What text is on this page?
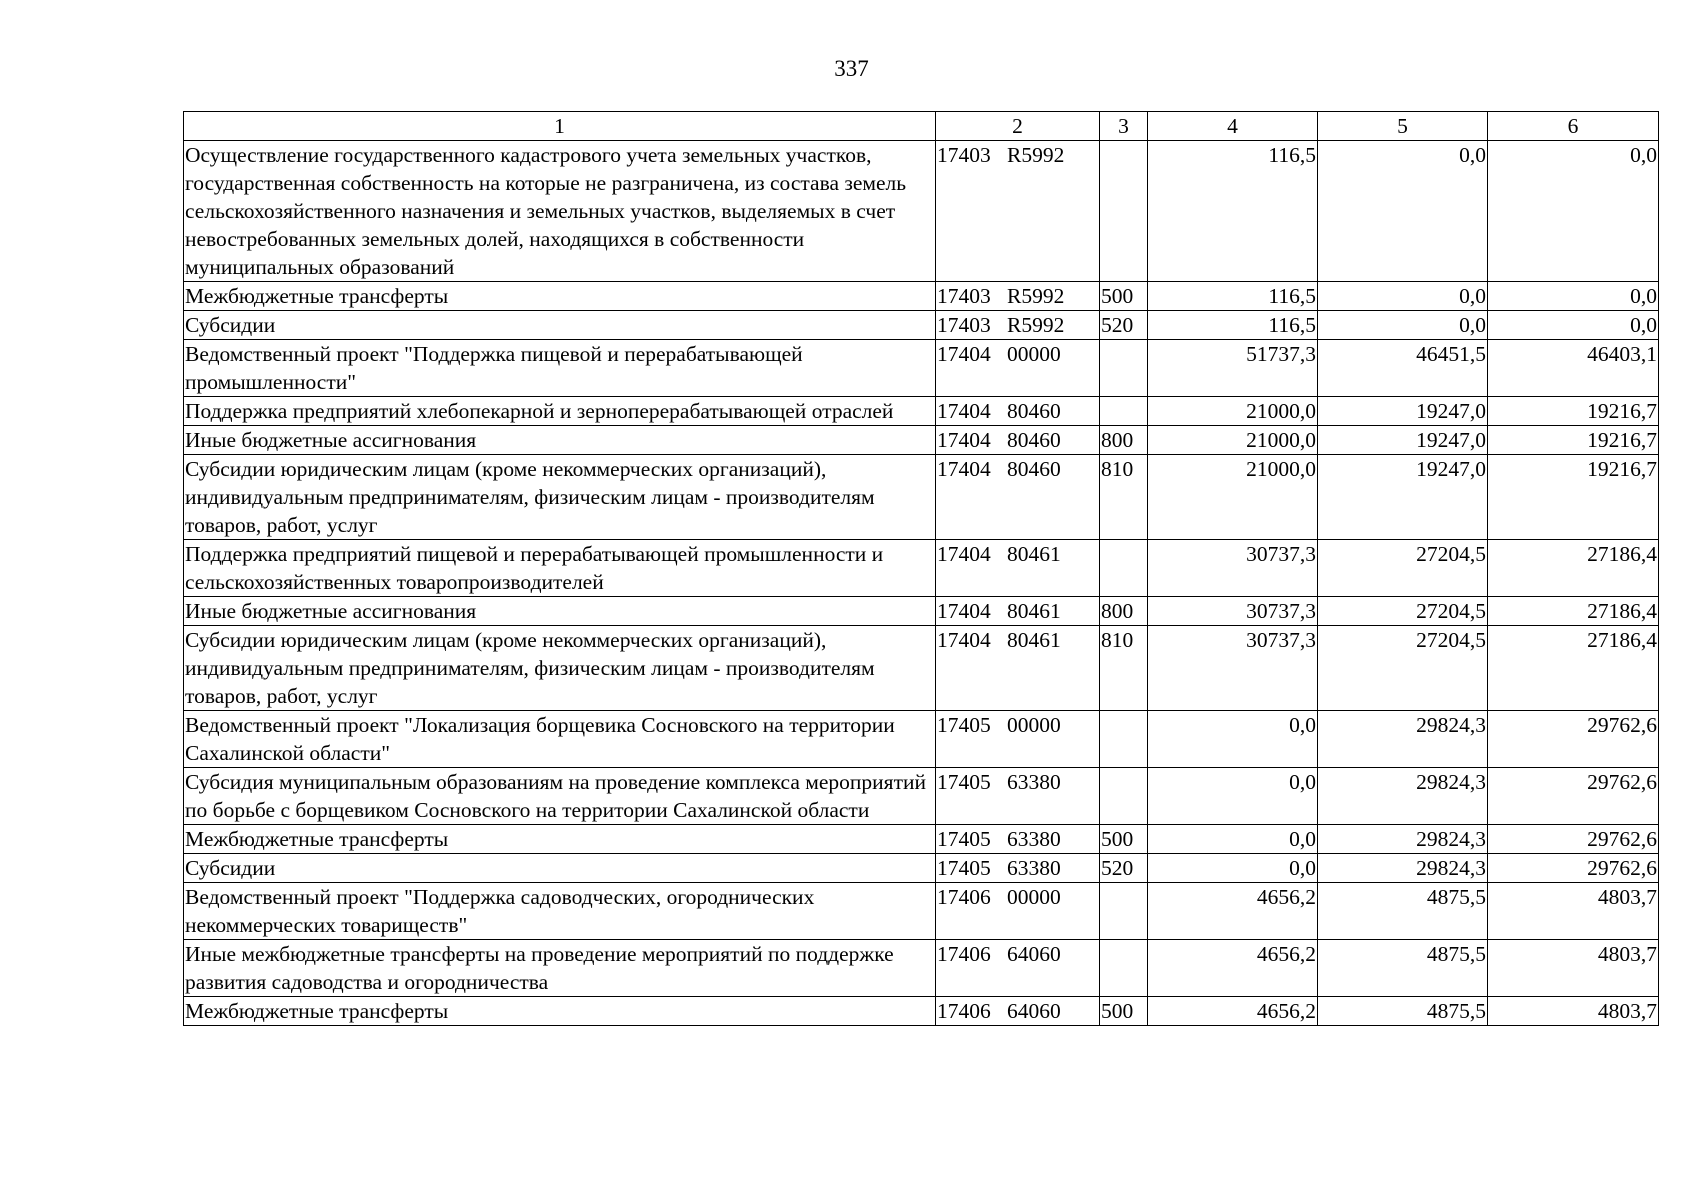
337
1	2	3	4	5	6
Осуществление государственного кадастрового учета земельных участков, государственная собственность на которые не разграничена, из состава земель сельскохозяйственного назначения и земельных участков, выделяемых в счет невостребованных земельных долей, находящихся в собственности муниципальных образований	17403 R5992		116,5	0,0	0,0
Межбюджетные трансферты	17403 R5992	500	116,5	0,0	0,0
Субсидии	17403 R5992	520	116,5	0,0	0,0
Ведомственный проект "Поддержка пищевой и перерабатывающей промышленности"	17404 00000		51737,3	46451,5	46403,1
Поддержка предприятий хлебопекарной и зерноперерабатывающей отраслей	17404 80460		21000,0	19247,0	19216,7
Иные бюджетные ассигнования	17404 80460	800	21000,0	19247,0	19216,7
Субсидии юридическим лицам (кроме некоммерческих организаций), индивидуальным предпринимателям, физическим лицам - производителям товаров, работ, услуг	17404 80460	810	21000,0	19247,0	19216,7
Поддержка предприятий пищевой и перерабатывающей промышленности и сельскохозяйственных товаропроизводителей	17404 80461		30737,3	27204,5	27186,4
Иные бюджетные ассигнования	17404 80461	800	30737,3	27204,5	27186,4
Субсидии юридическим лицам (кроме некоммерческих организаций), индивидуальным предпринимателям, физическим лицам - производителям товаров, работ, услуг	17404 80461	810	30737,3	27204,5	27186,4
Ведомственный проект "Локализация борщевика Сосновского на территории Сахалинской области"	17405 00000		0,0	29824,3	29762,6
Субсидия муниципальным образованиям на проведение комплекса мероприятий по борьбе с борщевиком Сосновского на территории Сахалинской области	17405 63380		0,0	29824,3	29762,6
Межбюджетные трансферты	17405 63380	500	0,0	29824,3	29762,6
Субсидии	17405 63380	520	0,0	29824,3	29762,6
Ведомственный проект "Поддержка садоводческих, огороднических некоммерческих товариществ"	17406 00000		4656,2	4875,5	4803,7
Иные межбюджетные трансферты на проведение мероприятий по поддержке развития садоводства и огородничества	17406 64060		4656,2	4875,5	4803,7
Межбюджетные трансферты	17406 64060	500	4656,2	4875,5	4803,7
